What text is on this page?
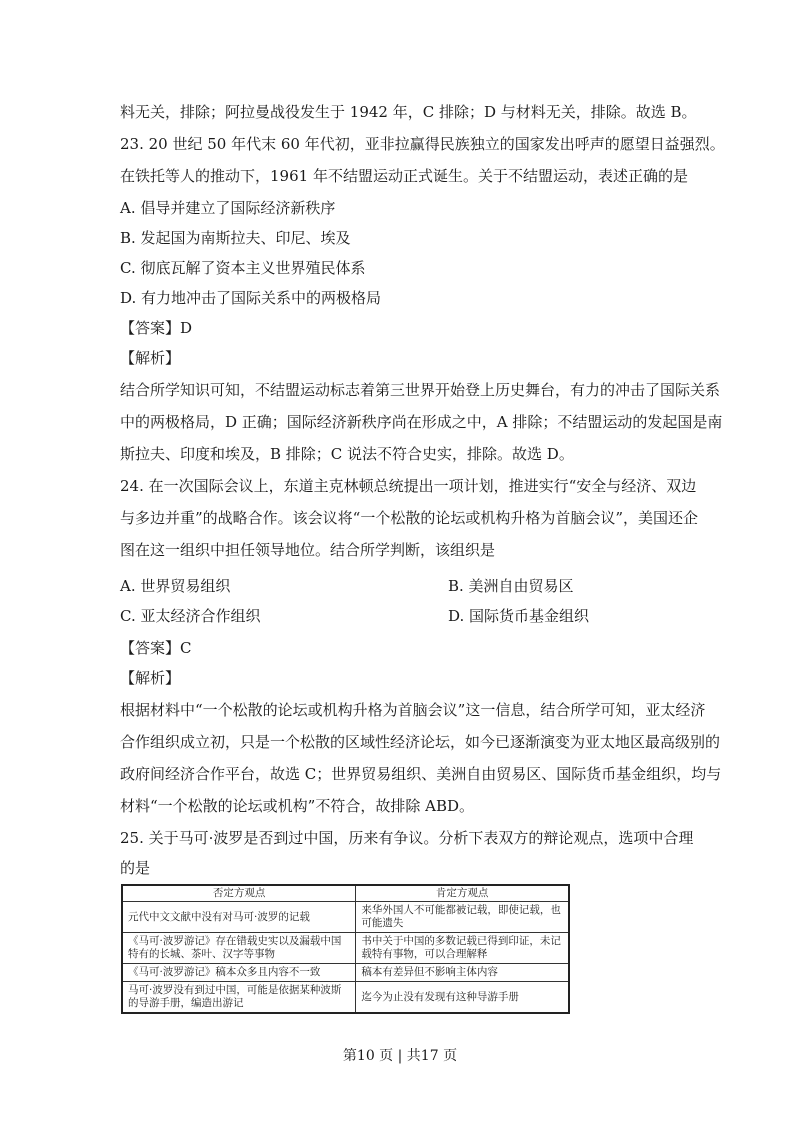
料无关，排除；阿拉曼战役发生于 1942 年，C 排除；D 与材料无关，排除。故选 B。
23. 20 世纪 50 年代末 60 年代初，亚非拉赢得民族独立的国家发出呼声的愿望日益强烈。
在铁托等人的推动下，1961 年不结盟运动正式诞生。关于不结盟运动，表述正确的是
A. 倡导并建立了国际经济新秩序
B. 发起国为南斯拉夫、印尼、埃及
C. 彻底瓦解了资本主义世界殖民体系
D. 有力地冲击了国际关系中的两极格局
【答案】D
【解析】
结合所学知识可知，不结盟运动标志着第三世界开始登上历史舞台，有力的冲击了国际关系
中的两极格局，D 正确；国际经济新秩序尚在形成之中，A 排除；不结盟运动的发起国是南
斯拉夫、印度和埃及，B 排除；C 说法不符合史实，排除。故选 D。
24. 在一次国际会议上，东道主克林顿总统提出一项计划，推进实行“安全与经济、双边
与多边并重”的战略合作。该会议将“一个松散的论坛或机构升格为首脑会议”，美国还企
图在这一组织中担任领导地位。结合所学判断，该组织是
A. 世界贸易组织	B. 美洲自由贸易区
C. 亚太经济合作组织	D. 国际货币基金组织
【答案】C
【解析】
根据材料中“一个松散的论坛或机构升格为首脑会议”这一信息，结合所学可知，亚太经济
合作组织成立初，只是一个松散的区域性经济论坛，如今已逐渐演变为亚太地区最高级别的
政府间经济合作平台，故选 C；世界贸易组织、美洲自由贸易区、国际货币基金组织，均与
材料“一个松散的论坛或机构”不符合，故排除 ABD。
25. 关于马可·波罗是否到过中国，历来有争议。分析下表双方的辩论观点，选项中合理
否定方观点	肯定方观点
元代中文文献中没有对马可·波罗的记载	来华外国人不可能都被记载，即使记载，也可能遗失
《马可·波罗游记》存在错载史实以及漏载中国特有的长城、茶叶、汉字等事物	书中关于中国的多数记载已得到印证，未记载特有事物，可以合理解释
《马可·波罗游记》稿本众多且内容不一致	稿本有差异但不影响主体内容
马可·波罗没有到过中国，可能是依据某种波斯的导游手册，编造出游记	迄今为止没有发现有这种导游手册
第10 页 | 共17 页
的是
